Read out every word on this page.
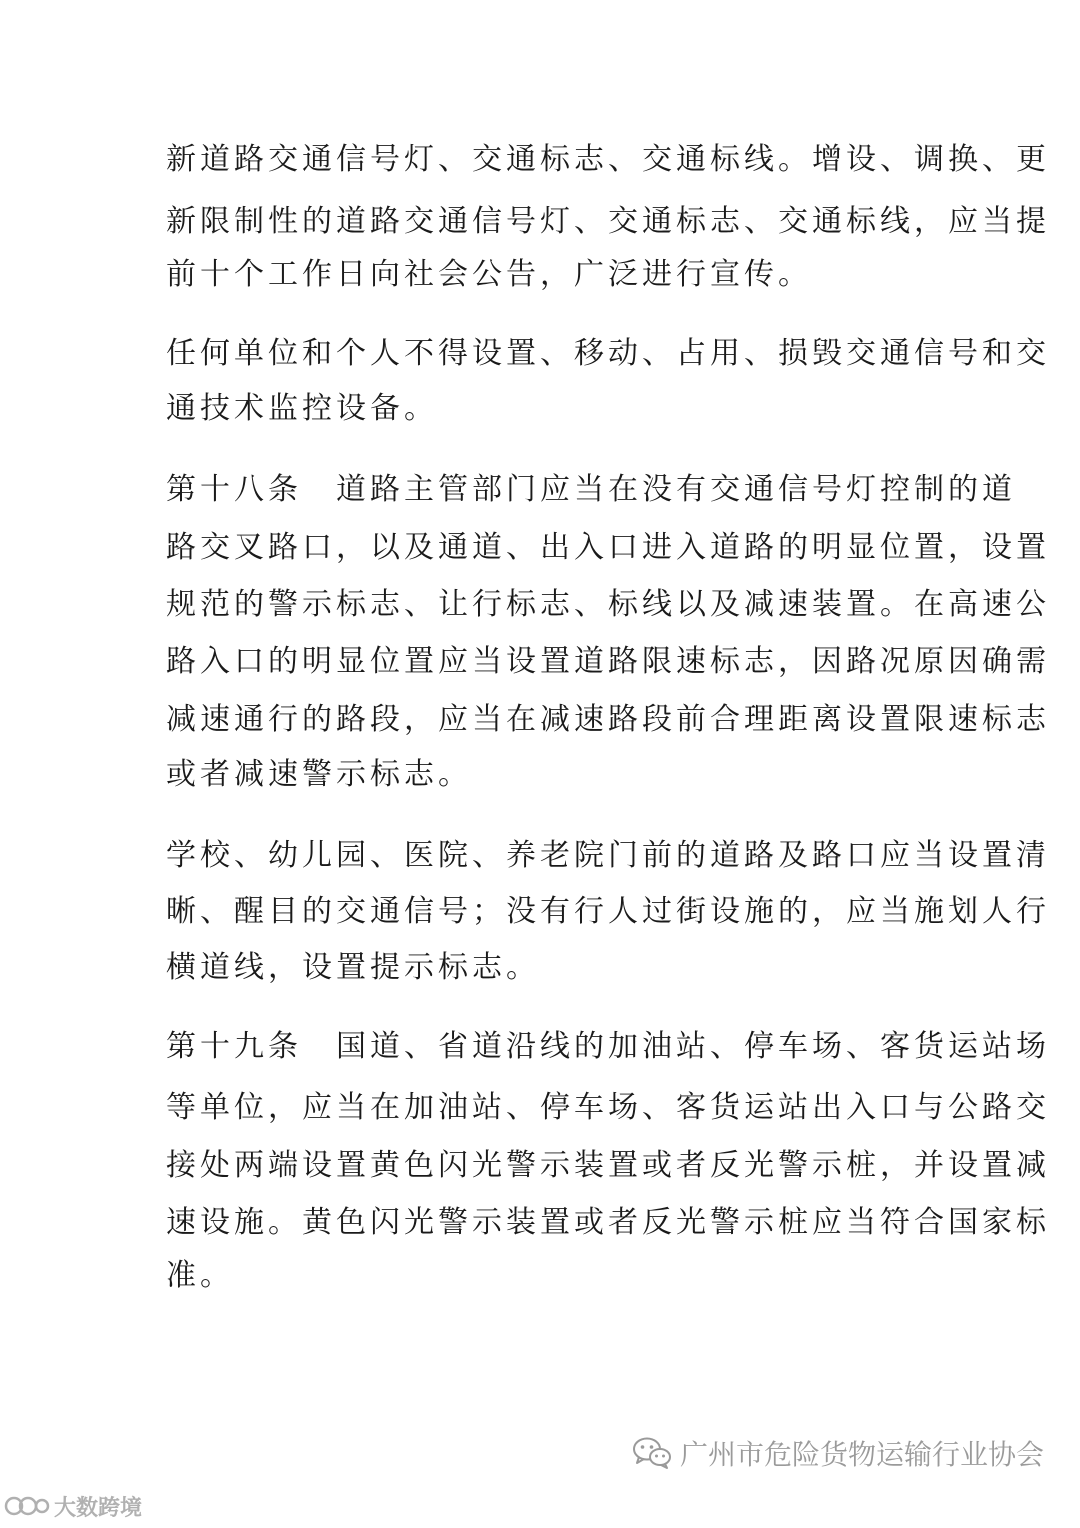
新道路交通信号灯、交通标志、交通标线。增设、调换、更
新限制性的道路交通信号灯、交通标志、交通标线，应当提
前十个工作日向社会公告，广泛进行宣传。
任何单位和个人不得设置、移动、占用、损毁交通信号和交
通技术监控设备。
第十八条　道路主管部门应当在没有交通信号灯控制的道
路交叉路口，以及通道、出入口进入道路的明显位置，设置
规范的警示标志、让行标志、标线以及减速装置。在高速公
路入口的明显位置应当设置道路限速标志，因路况原因确需
减速通行的路段，应当在减速路段前合理距离设置限速标志
或者减速警示标志。
学校、幼儿园、医院、养老院门前的道路及路口应当设置清
晰、醒目的交通信号；没有行人过街设施的，应当施划人行
横道线，设置提示标志。
第十九条　国道、省道沿线的加油站、停车场、客货运站场
等单位，应当在加油站、停车场、客货运站出入口与公路交
接处两端设置黄色闪光警示装置或者反光警示桩，并设置减
速设施。黄色闪光警示装置或者反光警示桩应当符合国家标
准。
广州市危险货物运输行业协会
大数跨境
